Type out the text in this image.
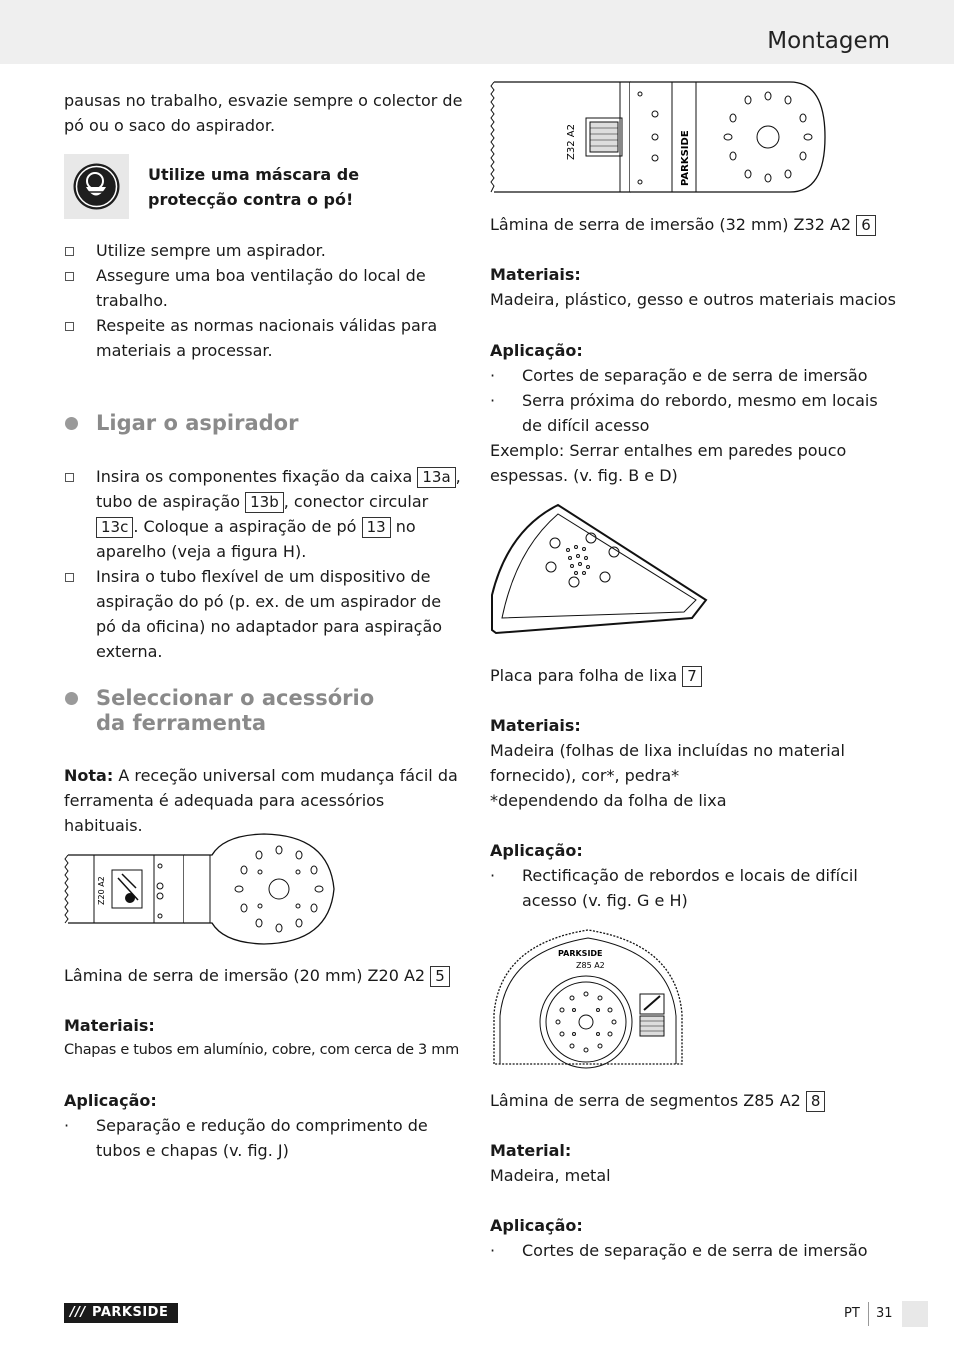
Montagem
pausas no trabalho, esvazie sempre o colector de pó ou o saco do aspirador.
Utilize uma máscara de protecção contra o pó!
Utilize sempre um aspirador.
Assegure uma boa ventilação do local de trabalho.
Respeite as normas nacionais válidas para materiais a processar.
Ligar o aspirador
Insira os componentes fixação da caixa 13a , tubo de aspiração 13b , conector circular 13c . Coloque a aspiração de pó 13 no aparelho (veja a figura H).
Insira o tubo flexível de um dispositivo de aspiração do pó (p. ex. de um aspirador de pó da oficina) no adaptador para aspiração externa.
Seleccionar o acessório
da ferramenta
Nota: A receção universal com mudança fácil da ferramenta é adequada para acessórios habituais.
Z20 A2
Lâmina de serra de imersão (20 mm) Z20 A2 5
Materiais:
Chapas e tubos em alumínio, cobre, com cerca de 3 mm
Aplicação:
· Separação e redução do comprimento de tubos e chapas (v. fig. J)
Z32 A2	PARKSIDE
Lâmina de serra de imersão (32 mm) Z32 A2 6
Materiais:
Madeira, plástico, gesso e outros materiais macios
Aplicação:
· Cortes de separação e de serra de imersão
· Serra próxima do rebordo, mesmo em locais de difícil acesso
Exemplo: Serrar entalhes em paredes pouco espessas. (v. fig. B e D)
Placa para folha de lixa 7
Materiais:
Madeira (folhas de lixa incluídas no material fornecido), cor*, pedra*
*dependendo da folha de lixa
Aplicação:
· Rectificação de rebordos e locais de difícil acesso (v. fig. G e H)
PARKSIDE
Z85 A2
Lâmina de serra de segmentos Z85 A2 8
Material:
Madeira, metal
Aplicação:
· Cortes de separação e de serra de imersão
/// PARKSIDE	PT 31
